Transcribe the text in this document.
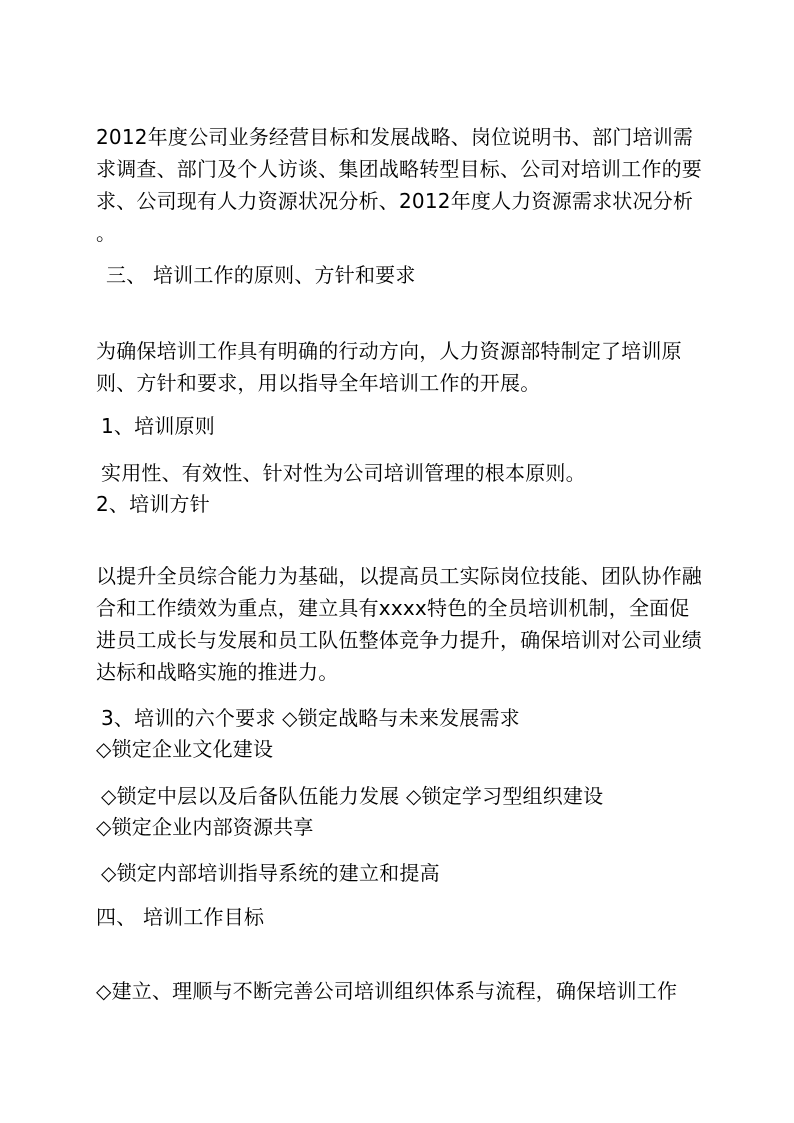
2012年度公司业务经营目标和发展战略、岗位说明书、部门培训需
求调查、部门及个人访谈、集团战略转型目标、公司对培训工作的要
求、公司现有人力资源状况分析、2012年度人力资源需求状况分析
。
三、 培训工作的原则、方针和要求
为确保培训工作具有明确的行动方向，人力资源部特制定了培训原
则、方针和要求，用以指导全年培训工作的开展。
1、培训原则
实用性、有效性、针对性为公司培训管理的根本原则。
2、培训方针
以提升全员综合能力为基础，以提高员工实际岗位技能、团队协作融
合和工作绩效为重点，建立具有xxxx特色的全员培训机制，全面促
进员工成长与发展和员工队伍整体竞争力提升，确保培训对公司业绩
达标和战略实施的推进力。
3、培训的六个要求 ◇锁定战略与未来发展需求
◇锁定企业文化建设
◇锁定中层以及后备队伍能力发展 ◇锁定学习型组织建设
◇锁定企业内部资源共享
◇锁定内部培训指导系统的建立和提高
四、 培训工作目标
◇建立、理顺与不断完善公司培训组织体系与流程，确保培训工作
